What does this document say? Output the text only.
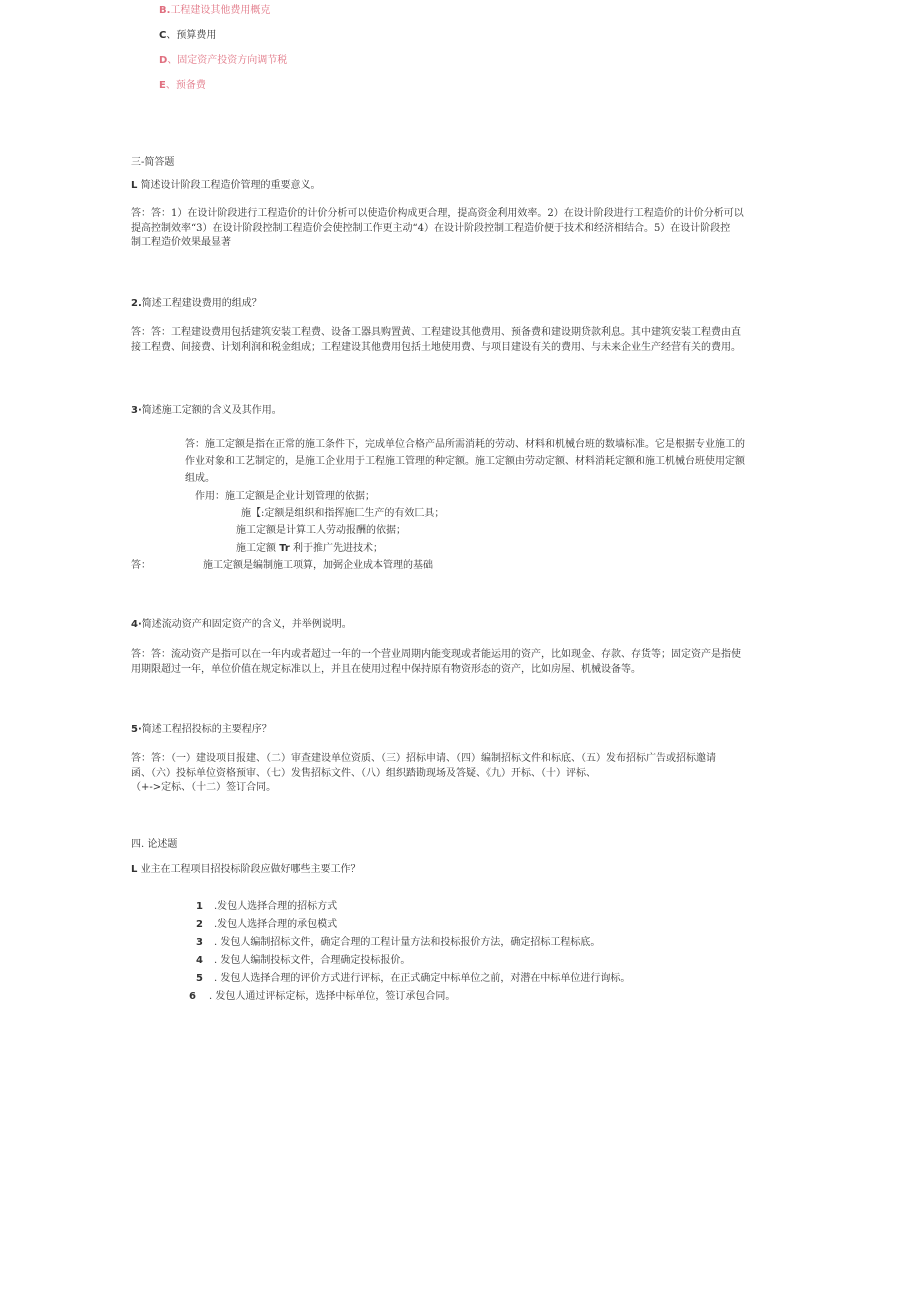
B.工程建设其他费用概克
C、预算费用
D、固定资产投资方向调节税
E、预备费
三-简答题
L 简述设计阶段工程造价管理的重要意义。
答：答：1）在设计阶段进行工程造价的计价分析可以使造价构成更合理，提高资金利用效率。2）在设计阶段进行工程造价的计价分析可以
提高控制效率“3）在设计阶段控制工程造价会使控制工作更主动“4）在设计阶段控制工程造价便于技术和经济相结合。5）在设计阶段控
制工程造价效果最显著
2.简述工程建设费用的组成？
答：答：工程建设费用包括建筑安装工程费、设备工器具购置黄、工程建设其他费用、预备费和建设期贷款利息。其中建筑安装工程费由直
接工程费、间接费、计划利润和税金组成；工程建设其他费用包括土地使用费、与项目建设有关的费用、与未来企业生产经营有关的费用。
3·简述施工定额的含义及其作用。
答：施工定额是指在正常的施工条件下，完成单位合格产品所需消耗的劳动、材料和机械台班的数墙标准。它是根据专业施工的
作业对象和工艺制定的，是施工企业用于工程施工管理的种定额。施工定额由劳动定额、材料消耗定额和施工机械台班使用定额
组成。
作用：施工定额是企业计划管理的依据；
施【:定额是组织和指挥施匚生产的有效匚具；
施工定额是计算工人劳动报酬的依据；
施工定额 Tr 利于推广先进技术；
答：	施工定额是编制施工项算，加弼企业成本管理的基础
4·简述流动资产和固定资产的含义，并举例说明。
答：答：流动资产是指可以在一年内或者超过一年的一个营业周期内能变现或者能运用的资产，比如现金、存款、存货等；固定资产是指使
用期限超过一年，单位价值在规定标准以上，并且在使用过程中保持原有物资形态的资产，比如房屋、机械设备等。
5·简述工程招投标的主要程序？
答：答：（一）建设项目报建、（二）审查建设单位资质、（三）招标申请、（四）编制招标文件和标底、（五）发布招标广告或招标邀请
函、（六）投标单位资格预审、（七）发售招标文件、（八）组织踏勘现场及答疑、《九）开标、（十）评标、
（+->定标、（十二）签订合同。
四. 论述题
L 业主在工程项目招投标阶段应做好哪些主要工作？
1 .发包人选择合理的招标方式
2 .发包人选择合理的承包模式
3 . 发包人编制招标文件，确定合理的工程计量方法和投标报价方法，确定招标工程标底。
4 . 发包人编制投标文件，合理确定投标报价。
5 . 发包人选择合理的评价方式进行评标，在正式确定中标单位之前，对潜在中标单位进行询标。
6 . 发包人通过评标定标，选择中标单位，签订承包合同。
